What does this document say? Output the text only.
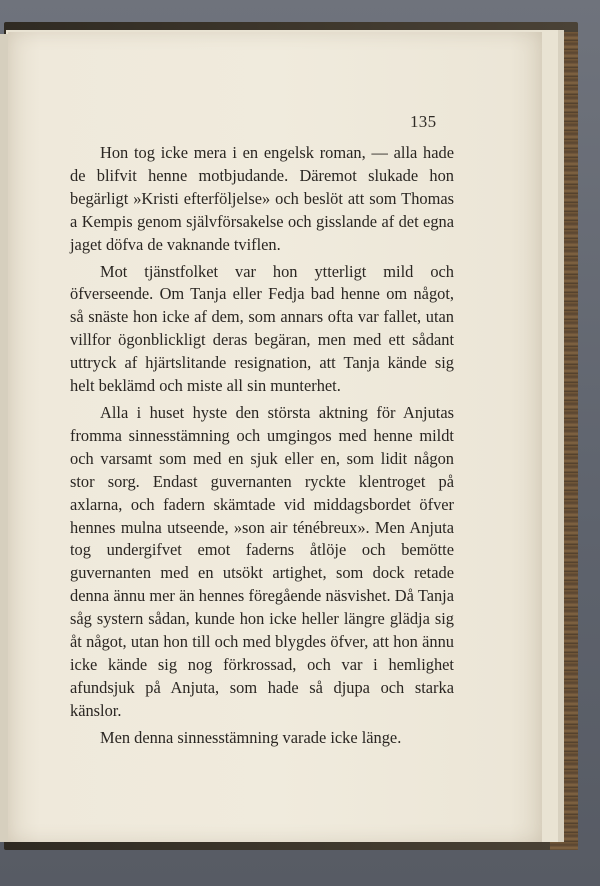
135

Hon tog icke mera i en engelsk roman, — alla hade de blifvit henne motbjudande. Däremot slukade hon begärligt »Kristi efterföljelse» och beslöt att som Thomas a Kempis genom självförsakelse och gisslande af det egna jaget döfva de vaknande tviflen.

Mot tjänstfolket var hon ytterligt mild och öfverseende. Om Tanja eller Fedja bad henne om något, så snäste hon icke af dem, som annars ofta var fallet, utan villfor ögonblickligt deras begäran, men med ett sådant uttryck af hjärtslitande resignation, att Tanja kände sig helt beklämd och miste all sin munterhet.

Alla i huset hyste den största aktning för Anjutas fromma sinnesstämning och umgingos med henne mildt och varsamt som med en sjuk eller en, som lidit någon stor sorg. Endast guvernanten ryckte klentroget på axlarna, och fadern skämtade vid middagsbordet öfver hennes mulna utseende, »son air ténébreux». Men Anjuta tog undergifvet emot faderns åtlöje och bemötte guvernanten med en utsökt artighet, som dock retade denna ännu mer än hennes föregående näsvishet. Då Tanja såg systern sådan, kunde hon icke heller längre glädja sig åt något, utan hon till och med blygdes öfver, att hon ännu icke kände sig nog förkrossad, och var i hemlighet afundsjuk på Anjuta, som hade så djupa och starka känslor.

Men denna sinnesstämning varade icke länge.
